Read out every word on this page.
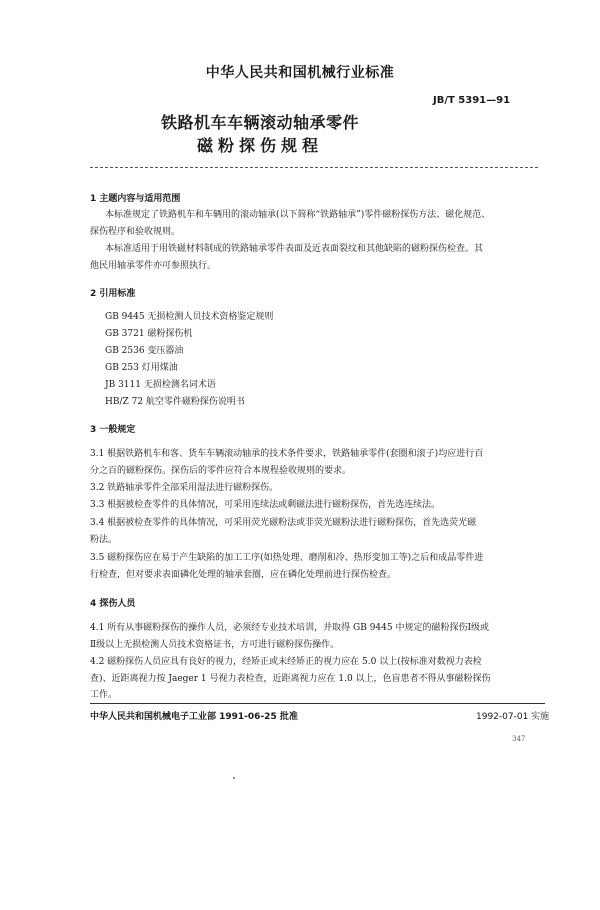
中华人民共和国机械行业标准
JB/T 5391—91
铁路机车车辆滚动轴承零件
磁粉探伤规程
1 主题内容与适用范围
本标准规定了铁路机车和车辆用的滚动轴承(以下简称“铁路轴承”)零件磁粉探伤方法、磁化规范、
探伤程序和验收规则。
本标准适用于用铁磁材料制成的铁路轴承零件表面及近表面裂纹和其他缺陷的磁粉探伤检查。其
他民用轴承零件亦可参照执行。
2 引用标准
GB 9445 无损检测人员技术资格鉴定规则
GB 3721 磁粉探伤机
GB 2536 变压器油
GB 253 灯用煤油
JB 3111 无损检测名词术语
HB/Z 72 航空零件磁粉探伤说明书
3 一般规定
3.1 根据铁路机车和客、货车车辆滚动轴承的技术条件要求，铁路轴承零件(套圈和滚子)均应进行百
分之百的磁粉探伤。探伤后的零件应符合本规程验收规则的要求。
3.2 铁路轴承零件全部采用湿法进行磁粉探伤。
3.3 根据被检查零件的具体情况，可采用连续法或剩磁法进行磁粉探伤，首先选连续法。
3.4 根据被检查零件的具体情况，可采用荧光磁粉法或非荧光磁粉法进行磁粉探伤，首先选荧光磁
粉法。
3.5 磁粉探伤应在易于产生缺陷的加工工序(如热处理、磨削和冷、热形变加工等)之后和成品零件进
行检查，但对要求表面磷化处理的轴承套圈，应在磷化处理前进行探伤检查。
4 探伤人员
4.1 所有从事磁粉探伤的操作人员，必须经专业技术培训，并取得 GB 9445 中规定的磁粉探伤Ⅰ级或
Ⅱ级以上无损检测人员技术资格证书，方可进行磁粉探伤操作。
4.2 磁粉探伤人员应具有良好的视力，经矫正或未经矫正的视力应在 5.0 以上(按标准对数视力表检
查)、近距离视力按 Jaeger 1 号视力表检查，近距离视力应在 1.0 以上，色盲患者不得从事磁粉探伤
工作。
中华人民共和国机械电子工业部 1991-06-25 批准	1992-07-01 实施
347
